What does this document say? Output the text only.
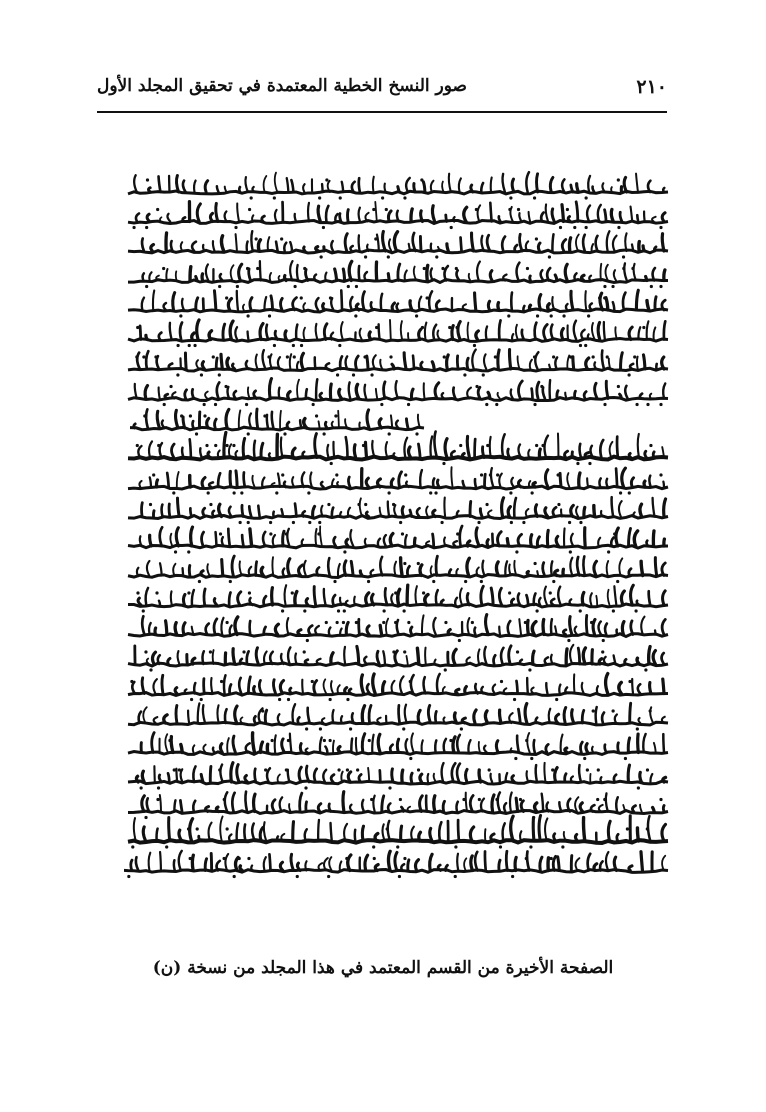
٢١٠
صور النسخ الخطية المعتمدة في تحقيق المجلد الأول
الصفحة الأخيرة من القسم المعتمد في هذا المجلد من نسخة (ن)
